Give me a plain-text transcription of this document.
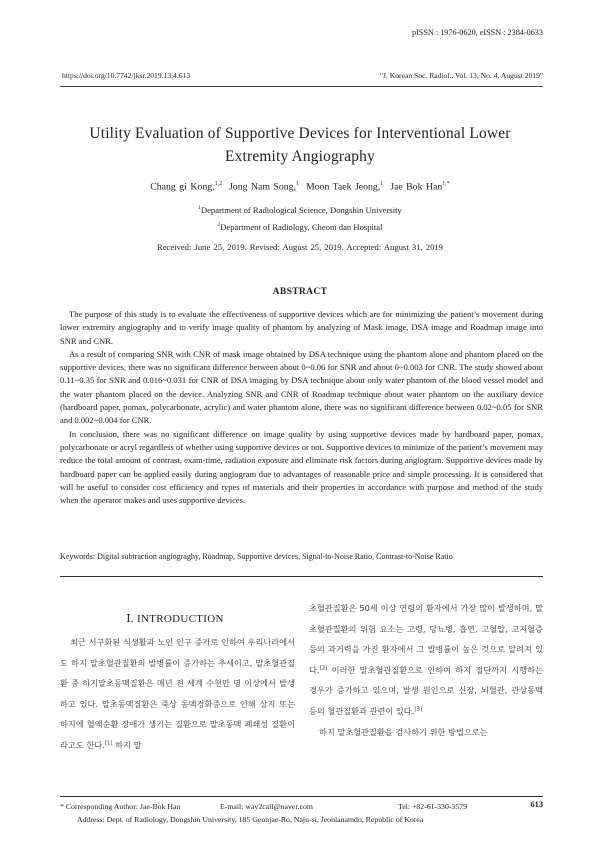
pISSN : 1976-0620, eISSN : 2384-0633
https://doi.org/10.7742/jksr.2019.13.4.613	"J. Korean Soc. Radiol., Vol. 13, No. 4, August 2019"
Utility Evaluation of Supportive Devices for Interventional Lower
Extremity Angiography
Chang gi Kong,$^{1,2}$ Jong Nam Song,$^1$ Moon Taek Jeong,$^1$ Jae Bok Han$^{1,*}$
$^1$Department of Radiological Science, Dongshin University
$^2$Department of Radiology, Cheom dan Hospital
Received: June 25, 2019. Revised: August 25, 2019. Accepted: August 31, 2019
ABSTRACT

The purpose of this study is to evaluate the effectiveness of supportive devices which are for minimizing the patient’s movement during lower extremity angiography and to verify image quality of phantom by analyzing of Mask image, DSA image and Roadmap image into SNR and CNR.

As a result of comparing SNR with CNR of mask image obtained by DSA technique using the phantom alone and phantom placed on the supportive devices, there was no significant difference between about 0~0.06 for SNR and about 0~0.003 for CNR. The study showed about 0.11~0.35 for SNR and 0.016~0.031 for CNR of DSA imaging by DSA technique about only water phantom of the blood vessel model and the water phantom placed on the device. Analyzing SNR and CNR of Roadmap technique about water phantom on the auxiliary device (hardboard paper, pomax, polycarbonate, acrylic) and water phantom alone, there was no significant difference between 0.02~0.05 for SNR and 0.002~0.004 for CNR.

In conclusion, there was no significant difference on image quality by using supportive devices made by hardboard paper, pomax, polycarbonate or acryl regardless of whether using supportive devices or not. Supportive devices to minimize of the patient’s movement may reduce the total amount of contrast, exam-time, radiation exposure and eliminate risk factors during angiogram. Supportive devices made by hardboard paper can be applied easily during angiogram due to advantages of reasonable price and simple processing. It is considered that will be useful to consider cost efficiency and types of materials and their properties in accordance with purpose and method of the study when the operator makes and uses supportive devices.

Keywords: Digital subtraction angiograghy, Roadmap, Supportive devices, Signal-to-Noise Ratio, Contrast-to-Noise Ratio
Ⅰ. INTRODUCTION

최근 서구화된 식생활과 노인 인구 증가로 인하여 우리나라에서도 하지 말초혈관질환의 발병률이 증가하는 추세이고, 말초혈관질환 중 하지말초동맥질환은 매년 전 세계 수천만 명 이상에서 발생하고 있다. 말초동맥질환은 죽상 동맥경화증으로 인해 상지 또는 하지에 혈액순환 장애가 생기는 질환으로 말초동맥 폐쇄성 질환이라고도 한다.[1] 하지 말

초혈관질환은 50세 이상 연령의 환자에서 가장 많이 발생하며, 말초혈관질환의 위험 요소는 고령, 당뇨병, 흡연, 고혈압, 고지혈증 등의 과거력을 가진 환자에서 그 발병률이 높은 것으로 알려져 있다.[2] 이러한 말초혈관질환으로 인하여 하지 절단까지 시행하는 경우가 증가하고 있으며, 발생 원인으로 신장, 뇌혈관, 관상동맥 등의 혈관질환과 관련이 있다.[3]

하지 말초혈관질환을 검사하기 위한 방법으로는

* Corresponding Author: Jae-Bok Han	E-mail: way2call@naver.com	Tel: +82-61-330-3579
Address: Dept. of Radiology, Dongshin University, 185 Geonjae-Ro, Naju-si, Jeonlanamdo, Republic of Korea
613
